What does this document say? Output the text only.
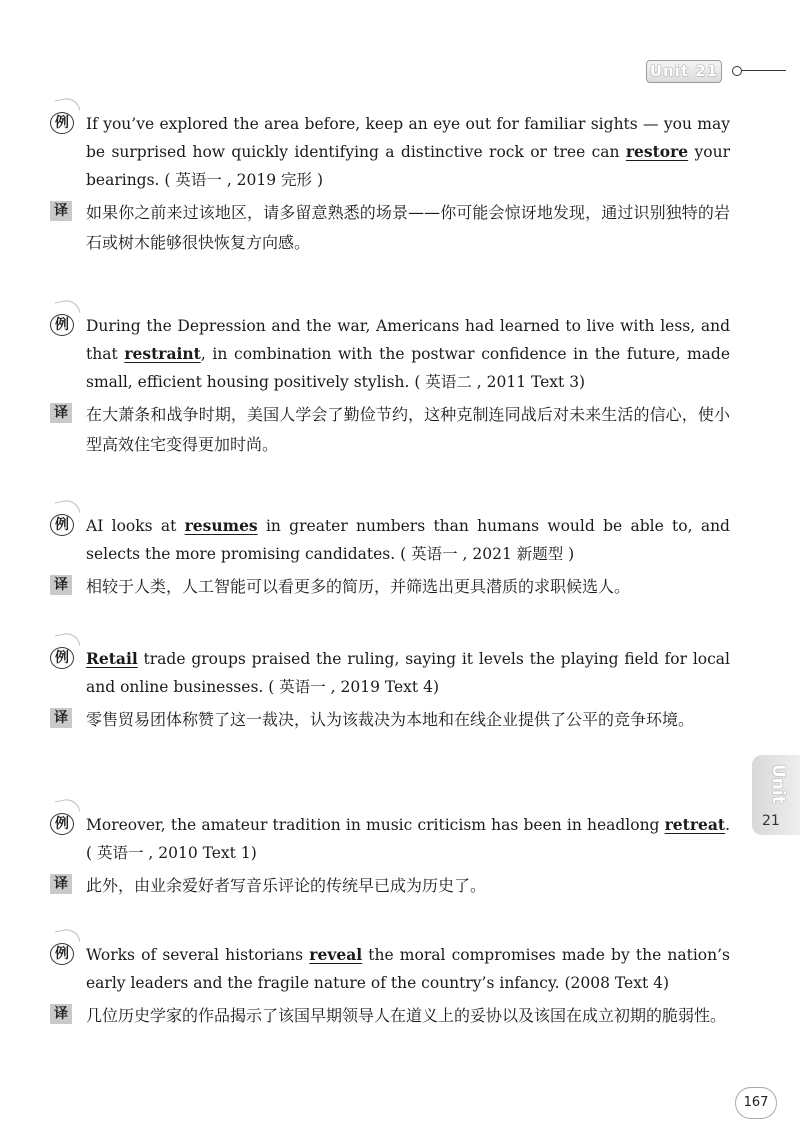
Unit 21
Unit
21
例	If you’ve explored the area before, keep an eye out for familiar sights — you may be surprised how quickly identifying a distinctive rock or tree can restore your bearings. ( 英语一 , 2019 完形 )
译 如果你之前来过该地区，请多留意熟悉的场景——你可能会惊讶地发现，通过识别独特的岩石或树木能够很快恢复方向感。
例	During the Depression and the war, Americans had learned to live with less, and that restraint, in combination with the postwar confidence in the future, made small, efficient housing positively stylish. ( 英语二 , 2011 Text 3)
译 在大萧条和战争时期，美国人学会了勤俭节约，这种克制连同战后对未来生活的信心，使小型高效住宅变得更加时尚。
例	AI looks at resumes in greater numbers than humans would be able to, and selects the more promising candidates. ( 英语一 , 2021 新题型 )
译 相较于人类，人工智能可以看更多的简历，并筛选出更具潜质的求职候选人。
例	Retail trade groups praised the ruling, saying it levels the playing field for local and online businesses. ( 英语一 , 2019 Text 4)
译 零售贸易团体称赞了这一裁决，认为该裁决为本地和在线企业提供了公平的竞争环境。
例	Moreover, the amateur tradition in music criticism has been in headlong retreat. ( 英语一 , 2010 Text 1)
译 此外，由业余爱好者写音乐评论的传统早已成为历史了。
例	Works of several historians reveal the moral compromises made by the nation’s early leaders and the fragile nature of the country’s infancy. (2008 Text 4)
译 几位历史学家的作品揭示了该国早期领导人在道义上的妥协以及该国在成立初期的脆弱性。
167
